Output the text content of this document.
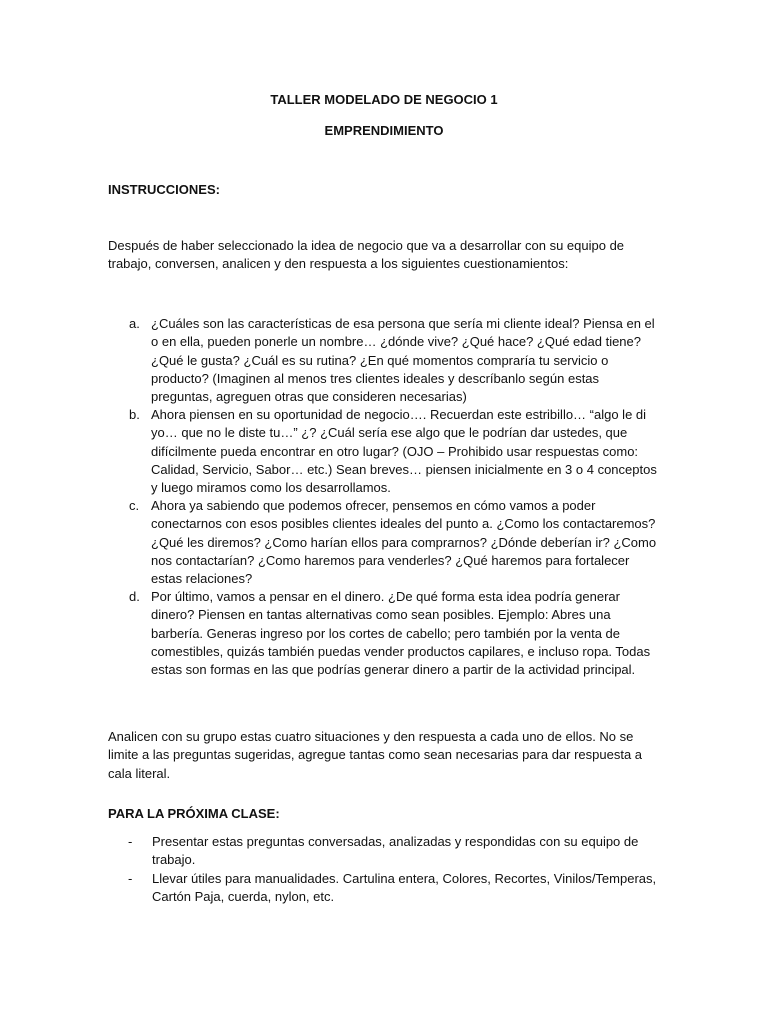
TALLER MODELADO DE NEGOCIO 1

EMPRENDIMIENTO

INSTRUCCIONES:

Después de haber seleccionado la idea de negocio que va a desarrollar con su equipo de trabajo, conversen, analicen y den respuesta a los siguientes cuestionamientos:

a. ¿Cuáles son las características de esa persona que sería mi cliente ideal? Piensa en el o en ella, pueden ponerle un nombre… ¿dónde vive? ¿Qué hace? ¿Qué edad tiene? ¿Qué le gusta? ¿Cuál es su rutina? ¿En qué momentos compraría tu servicio o producto? (Imaginen al menos tres clientes ideales y descríbanlo según estas preguntas, agreguen otras que consideren necesarias)
b. Ahora piensen en su oportunidad de negocio…. Recuerdan este estribillo… “algo le di yo… que no le diste tu…” ¿? ¿Cuál sería ese algo que le podrían dar ustedes, que difícilmente pueda encontrar en otro lugar? (OJO – Prohibido usar respuestas como: Calidad, Servicio, Sabor… etc.) Sean breves… piensen inicialmente en 3 o 4 conceptos y luego miramos como los desarrollamos.
c. Ahora ya sabiendo que podemos ofrecer, pensemos en cómo vamos a poder conectarnos con esos posibles clientes ideales del punto a. ¿Como los contactaremos? ¿Qué les diremos? ¿Como harían ellos para comprarnos? ¿Dónde deberían ir? ¿Como nos contactarían? ¿Como haremos para venderles? ¿Qué haremos para fortalecer estas relaciones?
d. Por último, vamos a pensar en el dinero. ¿De qué forma esta idea podría generar dinero? Piensen en tantas alternativas como sean posibles. Ejemplo: Abres una barbería. Generas ingreso por los cortes de cabello; pero también por la venta de comestibles, quizás también puedas vender productos capilares, e incluso ropa. Todas estas son formas en las que podrías generar dinero a partir de la actividad principal.

Analicen con su grupo estas cuatro situaciones y den respuesta a cada uno de ellos. No se limite a las preguntas sugeridas, agregue tantas como sean necesarias para dar respuesta a cala literal.

PARA LA PRÓXIMA CLASE:

-	Presentar estas preguntas conversadas, analizadas y respondidas con su equipo de trabajo.
-	Llevar útiles para manualidades. Cartulina entera, Colores, Recortes, Vinilos/Temperas, Cartón Paja, cuerda, nylon, etc.
